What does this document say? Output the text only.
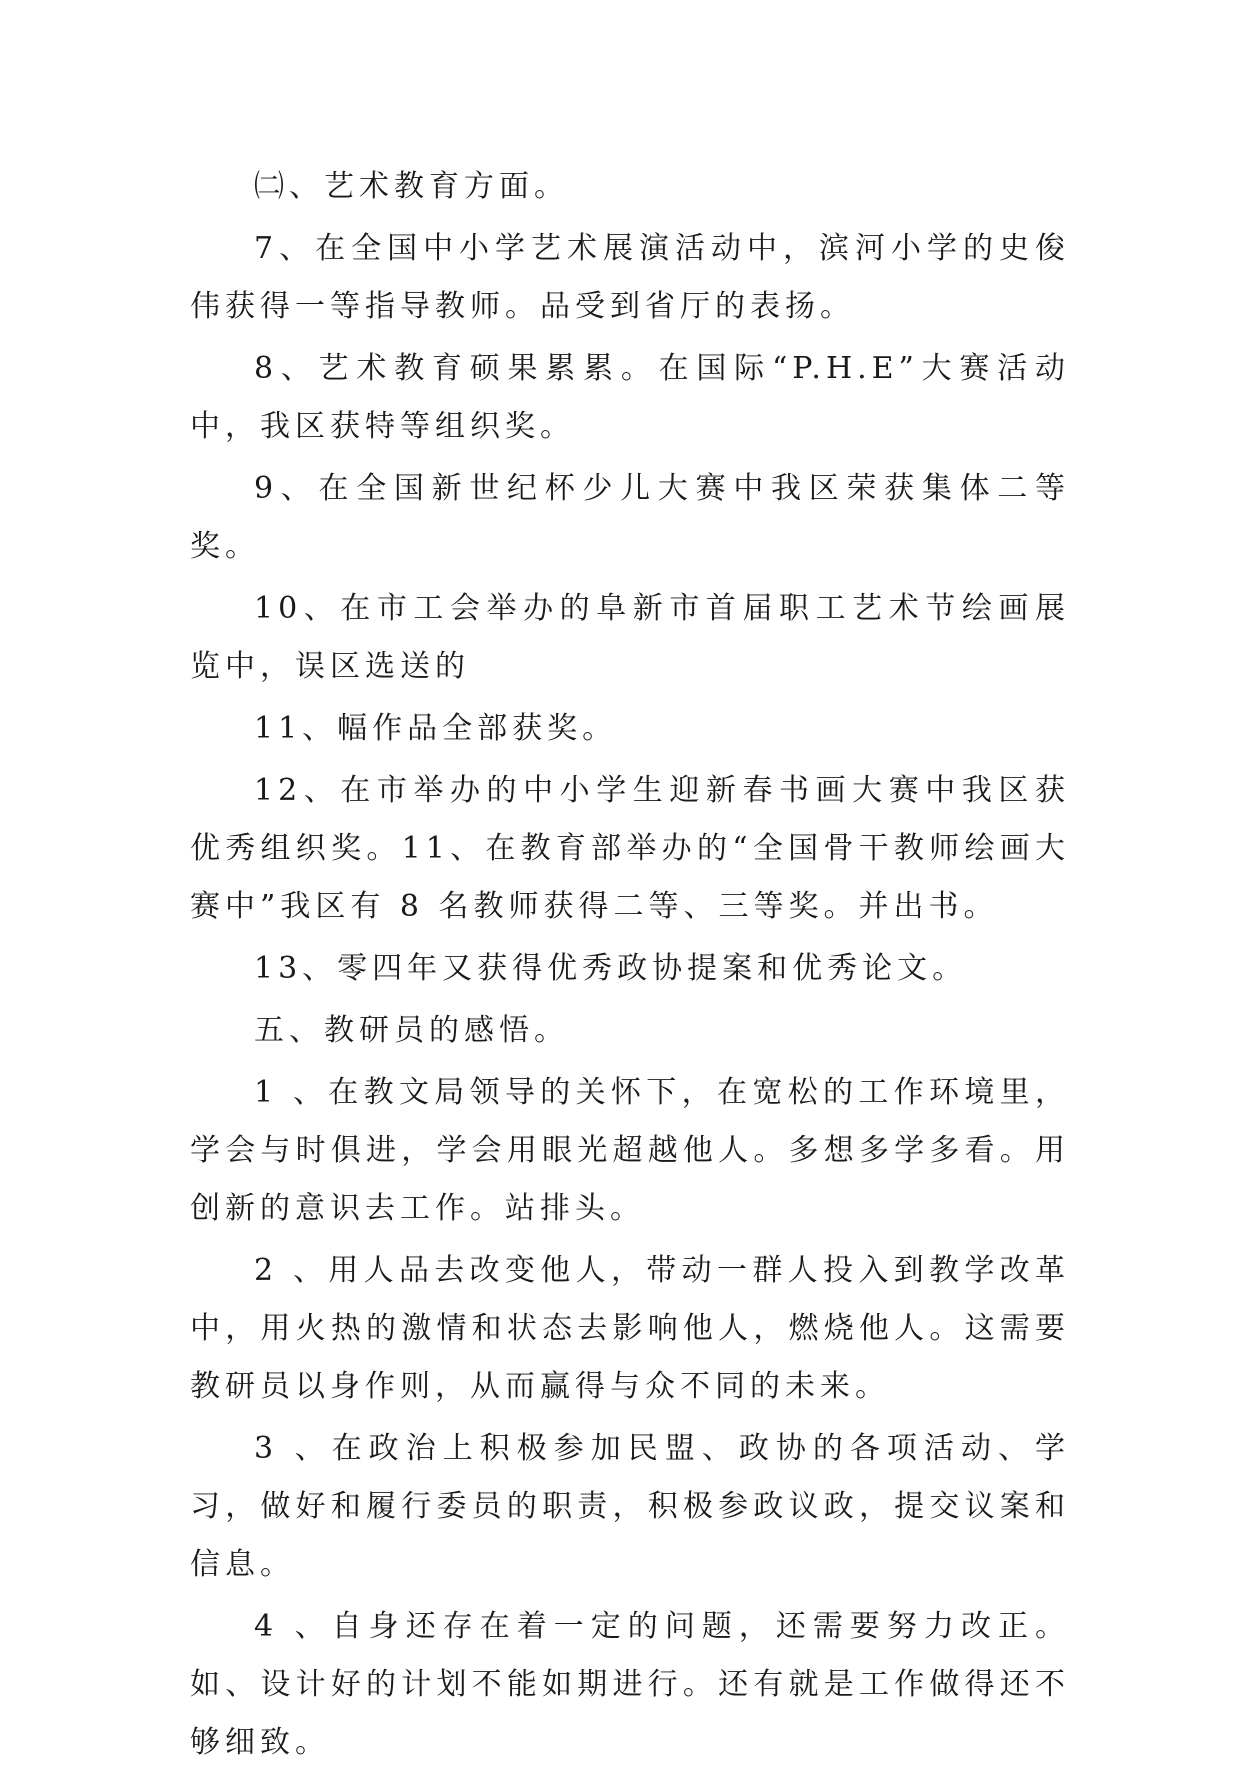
㈡、艺术教育方面。

7、在全国中小学艺术展演活动中，滨河小学的史俊伟获得一等指导教师。品受到省厅的表扬。

8、艺术教育硕果累累。在国际“P.H.E”大赛活动中，我区获特等组织奖。

9、在全国新世纪杯少儿大赛中我区荣获集体二等奖。

10、在市工会举办的阜新市首届职工艺术节绘画展览中，误区选送的

11、幅作品全部获奖。

12、在市举办的中小学生迎新春书画大赛中我区获优秀组织奖。11、在教育部举办的“全国骨干教师绘画大赛中”我区有 8 名教师获得二等、三等奖。并出书。

13、零四年又获得优秀政协提案和优秀论文。

五、教研员的感悟。

1 、在教文局领导的关怀下，在宽松的工作环境里，学会与时俱进，学会用眼光超越他人。多想多学多看。用创新的意识去工作。站排头。

2 、用人品去改变他人，带动一群人投入到教学改革中，用火热的激情和状态去影响他人，燃烧他人。这需要教研员以身作则，从而赢得与众不同的未来。

3 、在政治上积极参加民盟、政协的各项活动、学习，做好和履行委员的职责，积极参政议政，提交议案和信息。

4 、自身还存在着一定的问题，还需要努力改正。如、设计好的计划不能如期进行。还有就是工作做得还不够细致。
